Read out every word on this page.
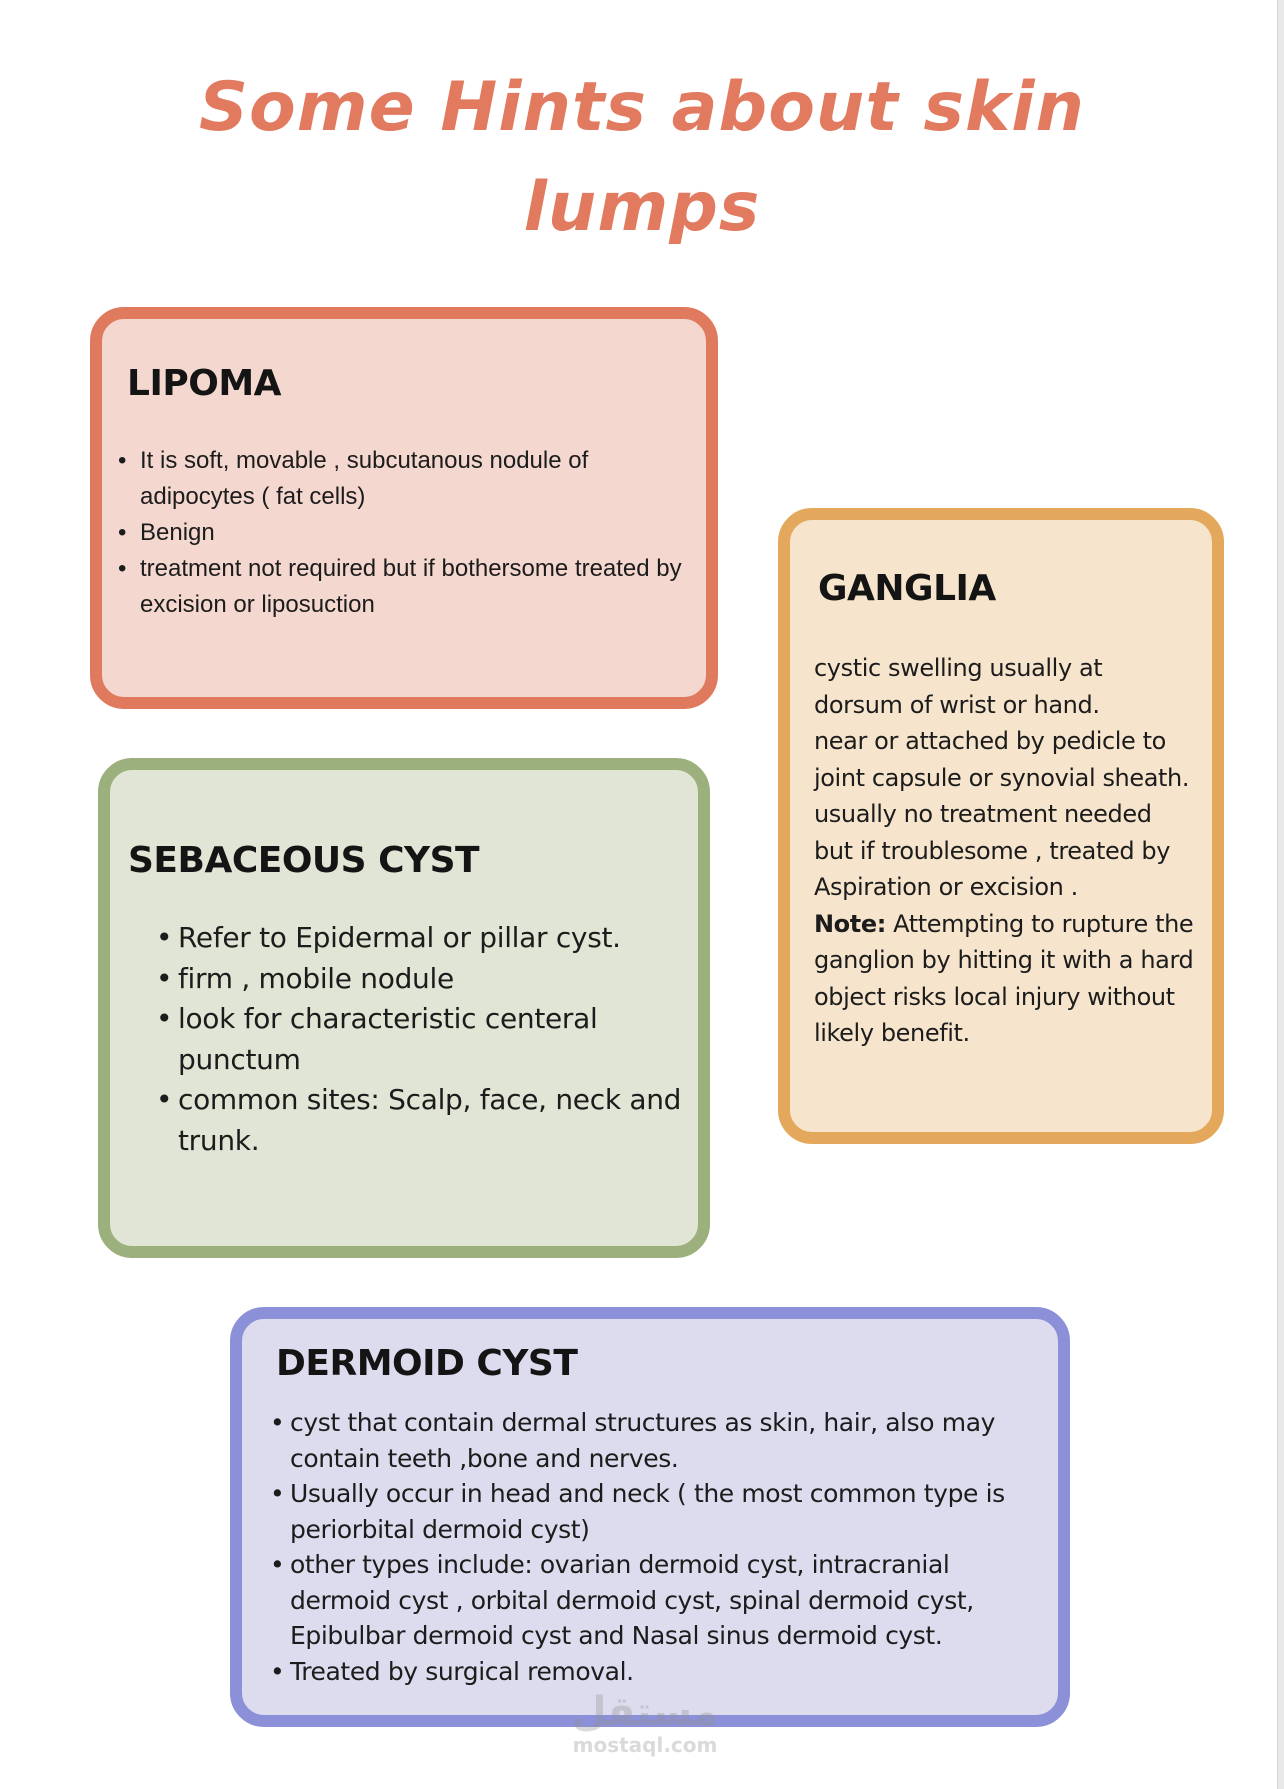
Some Hints about skin
lumps
LIPOMA
• It is soft, movable , subcutanous nodule of adipocytes ( fat cells)
• Benign
• treatment not required but if bothersome treated by excision or liposuction	GANGLIA

cystic swelling usually at

dorsum of wrist or hand.

near or attached by pedicle to

joint capsule or synovial sheath.

usually no treatment needed

but if troublesome , treated by

Aspiration or excision .

Note: Attempting to rupture the ganglion by hitting it with a hard object risks local injury without likely benefit.

SEBACEOUS CYST
• Refer to Epidermal or pillar cyst.
• firm , mobile nodule
• look for characteristic centeral punctum
• common sites: Scalp, face, neck and trunk.
DERMOID CYST
• cyst that contain dermal structures as skin, hair, also may contain teeth ,bone and nerves.
• Usually occur in head and neck ( the most common type is periorbital dermoid cyst)
• other types include: ovarian dermoid cyst, intracranial dermoid cyst , orbital dermoid cyst, spinal dermoid cyst, Epibulbar dermoid cyst and Nasal sinus dermoid cyst.
• Treated by surgical removal.
مستقل
mostaql.com
